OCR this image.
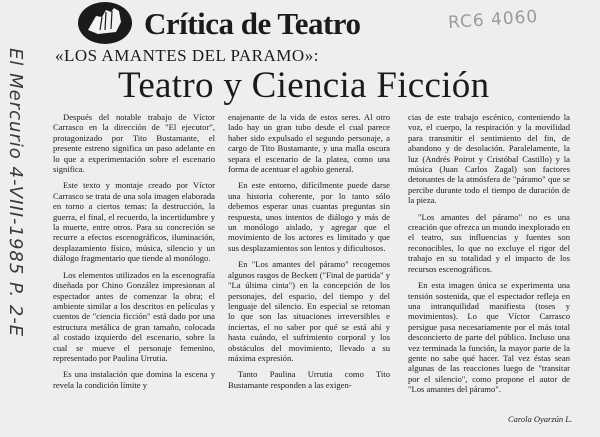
Crítica de Teatro	RC6 4060
El Mercurio 4-VIII-1985 P. 2-E «LOS AMANTES DEL PARAMO»:
Teatro y Ciencia Ficción

Después del notable trabajo de Víctor Carrasco en la dirección de "El ejecutor", protagonizado por Tito Bustamante, el presente estreno significa un paso adelante en lo que a experimentación sobre el escenario significa.

Este texto y montaje creado por Víctor Carrasco se trata de una sola imagen elaborada en torno a ciertos temas: la destrucción, la guerra, el final, el recuerdo, la incertidumbre y la muerte, entre otros. Para su concreción se recurre a efectos escenográficos, iluminación, desplazamiento físico, música, silencio y un diálogo fragmentario que tiende al monólogo.

Los elementos utilizados en la escenografía diseñada por Chino González impresionan al espectador antes de comenzar la obra; el ambiente similar a los descritos en películas y cuentos de "ciencia ficción" está dado por una estructura metálica de gran tamaño, colocada al costado izquierdo del escenario, sobre la cual se mueve el personaje femenino, representado por Paulina Urrutia.

Es una instalación que domina la escena y revela la condición límite y

enajenante de la vida de estos seres. Al otro lado hay un gran tubo desde el cual parece haber sido expulsado el segundo personaje, a cargo de Tito Bustamante, y una malla oscura separa el escenario de la platea, como una forma de acentuar el agobio general.

En este entorno, difícilmente puede darse una historia coherente, por lo tanto sólo debemos esperar unas cuantas preguntas sin respuesta, unos intentos de diálogo y más de un monólogo aislado, y agregar que el movimiento de los actores es limitado y que sus desplazamientos son lentos y dificultosos.

En "Los amantes del páramo" recogemos algunos rasgos de Beckett ("Final de partida" y "La última cinta") en la concepción de los personajes, del espacio, del tiempo y del lenguaje del silencio. En especial se retoman lo que son las situaciones irreversibles e inciertas, el no saber por qué se está ahí y hasta cuándo, el sufrimiento corporal y los obstáculos del movimiento, llevado a su máxima expresión.

Tanto Paulina Urrutia como Tito Bustamante responden a las exigen-

cias de este trabajo escénico, conteniendo la voz, el cuerpo, la respiración y la movilidad para transmitir el sentimiento del fin, de abandono y de desolación. Paralelamente, la luz (Andrés Poirot y Cristóbal Castillo) y la música (Juan Carlos Zagal) son factores detonantes de la atmósfera de "páramo" que se percibe durante todo el tiempo de duración de la pieza.

"Los amantes del páramo" no es una creación que ofrezca un mundo inexplorado en el teatro, sus influencias y fuentes son reconocibles, lo que no excluye el rigor del trabajo en su totalidad y el impacto de los recursos escenográficos.

En esta imagen única se experimenta una tensión sostenida, que el espectador refleja en una intranquilidad manifiesta (toses y movimientos). Lo que Víctor Carrasco persigue pasa necesariamente por el más total desconcierto de parte del público. Incluso una vez terminada la función, la mayor parte de la gente no sabe qué hacer. Tal vez éstas sean algunas de las reacciones luego de "transitar por el silencio", como propone el autor de "Los amantes del páramo".

Carola Oyarzún L.
